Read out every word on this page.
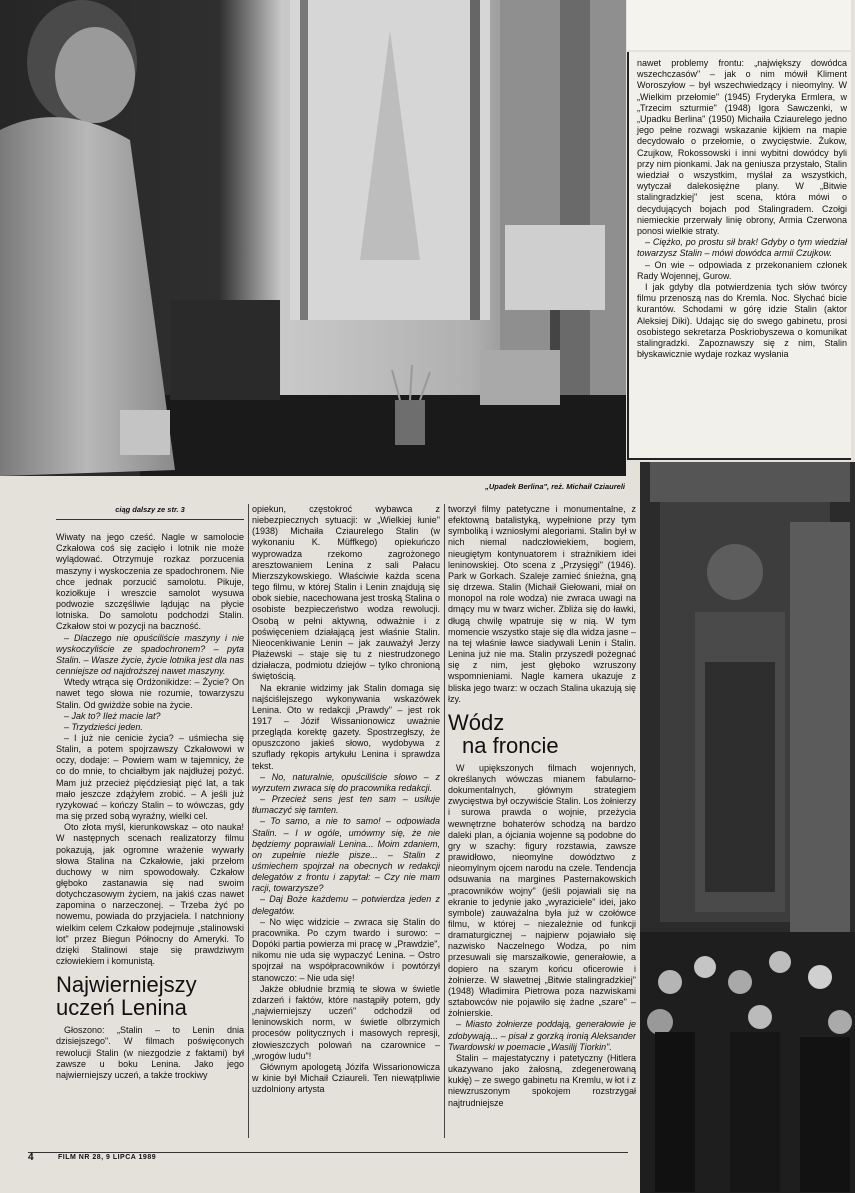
„Upadek Berlina", reż. Michaił Cziaureli

nawet problemy frontu: „największy dowódca wszechczasów" – jak o nim mówił Kliment Woroszyłow – był wszechwiedzący i nieomylny. W „Wielkim przełomie" (1945) Fryderyka Ermlera, w „Trzecim szturmie" (1948) Igora Sawczenki, w „Upadku Berlina" (1950) Michaiła Cziaurelego jedno jego pełne rozwagi wskazanie kijkiem na mapie decydowało o przełomie, o zwycięstwie. Żukow, Czujkow, Rokossowski i inni wybitni dowódcy byli przy nim pionkami. Jak na geniusza przystało, Stalin wiedział o wszystkim, myślał za wszystkich, wytyczał dalekosiężne plany. W „Bitwie stalingradzkiej" jest scena, która mówi o decydujących bojach pod Stalingradem. Czołgi niemieckie przerwały linię obrony, Armia Czerwona ponosi wielkie straty.

– Ciężko, po prostu sił brak! Gdyby o tym wiedział towarzysz Stalin – mówi dowódca armii Czujkow.

– On wie – odpowiada z przekonaniem członek Rady Wojennej, Gurow.

I jak gdyby dla potwierdzenia tych słów twórcy filmu przenoszą nas do Kremla. Noc. Słychać bicie kurantów. Schodami w górę idzie Stalin (aktor Aleksiej Diki). Udając się do swego gabinetu, prosi osobistego sekretarza Poskriobyszewa o komunikat stalingradzki. Zapoznawszy się z nim, Stalin błyskawicznie wydaje rozkaz wysłania

ciąg dalszy ze str. 3

Wiwaty na jego cześć. Nagle w samolocie Czkałowa coś się zacięło i lotnik nie może wylądować. Otrzymuje rozkaz porzucenia maszyny i wyskoczenia ze spadochronem. Nie chce jednak porzucić samolotu. Pikuje, koziołkuje i wreszcie samolot wysuwa podwozie szczęśliwie lądując na płycie lotniska. Do samolotu podchodzi Stalin. Czkałow stoi w pozycji na baczność.

– Dlaczego nie opuściliście maszyny i nie wyskoczyliście ze spadochronem? – pyta Stalin. – Wasze życie, życie lotnika jest dla nas cenniejsze od najdroższej nawet maszyny.

Wtedy wtrąca się Ordżonikidze: – Życie? On nawet tego słowa nie rozumie, towarzyszu Stalin. Od gwiżdże sobie na życie.

– Jak to? Ileż macie lat?

– Trzydzieści jeden.

– I już nie cenicie życia? – uśmiecha się Stalin, a potem spojrzawszy Czkałowowi w oczy, dodaje: – Powiem wam w tajemnicy, że co do mnie, to chciałbym jak najdłużej pożyć. Mam już przecież pięćdziesiąt pięć lat, a tak mało jeszcze zdążyłem zrobić. – A jeśli już ryzykować – kończy Stalin – to wówczas, gdy ma się przed sobą wyraźny, wielki cel.

Oto złota myśl, kierunkowskaz – oto nauka! W następnych scenach realizatorzy filmu pokazują, jak ogromne wrażenie wywarły słowa Stalina na Czkałowie, jaki przełom duchowy w nim spowodowały. Czkałow głęboko zastanawia się nad swoim dotychczasowym życiem, na jakiś czas nawet zapomina o narzeczonej. – Trzeba żyć po nowemu, powiada do przyjaciela. I natchniony wielkim celem Czkałow podejmuje „stalinowski lot" przez Biegun Północny do Ameryki. To dzięki Stalinowi staje się prawdziwym człowiekiem i komunistą.

Najwierniejszy
uczeń Lenina

Głoszono: „Stalin – to Lenin dnia dzisiejszego". W filmach poświęconych rewolucji Stalin (w niezgodzie z faktami) był zawsze u boku Lenina. Jako jego najwierniejszy uczeń, a także trockiwy

opiekun, częstokroć wybawca z niebezpiecznych sytuacji: w „Wielkiej łunie" (1938) Michaiła Cziaurelego Stalin (w wykonaniu K. Müffkego) opiekuńczo wyprowadza rzekomo zagrożonego aresztowaniem Lenina z sali Pałacu Mierzszykowskiego. Właściwie każda scena tego filmu, w której Stalin i Lenin znajdują się obok siebie, nacechowana jest troską Stalina o osobiste bezpieczeństwo wodza rewolucji. Osobą w pełni aktywną, odważnie i z poświęceniem działającą jest właśnie Stalin. Nieocenkiwanie Lenin – jak zauważył Jerzy Płażewski – staje się tu z niestrudzonego działacza, podmiotu dziejów – tylko chronioną świętością.

Na ekranie widzimy jak Stalin domaga się najściślejszego wykonywania wskazówek Lenina. Oto w redakcji „Prawdy" – jest rok 1917 – Józif Wissanionowicz uważnie przegląda korektę gazety. Spostrzegłszy, że opuszczono jakieś słowo, wydobywa z szuflady rękopis artykułu Lenina i sprawdza tekst.

– No, naturalnie, opuściliście słowo – z wyrzutem zwraca się do pracownika redakcji.

– Przecież sens jest ten sam – usiłuje tłumaczyć się tamten.

– To samo, a nie to samo! – odpowiada Stalin. – I w ogóle, umówmy się, że nie będziemy poprawiali Lenina... Moim zdaniem, on zupełnie nieźle pisze... – Stalin z uśmiechem spojrzał na obecnych w redakcji delegatów z frontu i zapytał: – Czy nie mam racji, towarzysze?

– Daj Boże każdemu – potwierdza jeden z delegatów.

– No więc widzicie – zwraca się Stalin do pracownika. Po czym twardo i surowo: – Dopóki partia powierza mi pracę w „Prawdzie", nikomu nie uda się wypaczyć Lenina. – Ostro spojrzał na współpracowników i powtórzył stanowczo: – Nie uda się!

Jakże obłudnie brzmią te słowa w świetle zdarzeń i faktów, które nastąpiły potem, gdy „najwierniejszy uczeń" odchodził od leninowskich norm, w świetle olbrzymich procesów politycznych i masowych represji, złowieszczych polowań na czarownice – „wrogów ludu"!

Głównym apologetą Józifa Wissarionowicza w kinie był Michaił Cziaureli. Ten niewątpliwie uzdolniony artysta

tworzył filmy patetyczne i monumentalne, z efektowną batalistyką, wypełnione przy tym symboliką i wzniosłymi alegoriami. Stalin był w nich niemal nadczłowiekiem, bogiem, nieugiętym kontynuatorem i strażnikiem idei leninowskiej. Oto scena z „Przysięgi" (1946). Park w Gorkach. Szaleje zamieć śnieżna, gną się drzewa. Stalin (Michaił Giełowani, miał on monopol na role wodza) nie zwraca uwagi na dmący mu w twarz wicher. Zbliża się do ławki, długą chwilę wpatruje się w nią. W tym momencie wszystko staje się dla widza jasne – na tej właśnie ławce siadywali Lenin i Stalin. Lenina już nie ma. Stalin przyszedł pożegnać się z nim, jest głęboko wzruszony wspomnieniami. Nagle kamera ukazuje z bliska jego twarz: w oczach Stalina ukazują się łzy.

Wódz
na froncie

W upiększonych filmach wojennych, określanych wówczas mianem fabularno-dokumentalnych, głównym strategiem zwycięstwa był oczywiście Stalin. Los żołnierzy i surowa prawda o wojnie, przeżycia wewnętrzne bohaterów schodzą na bardzo daleki plan, a ójciania wojenne są podobne do gry w szachy: figury rozstawia, zawsze prawidłowo, nieomylne dowództwo z nieomylnym ojcem narodu na czele. Tendencja odsuwania na margines Pasternakowskich „pracowników wojny" (jeśli pojawiali się na ekranie to jedynie jako „wyraziciele" idei, jako symbole) zauważalna była już w czołówce filmu, w której – niezależnie od funkcji dramaturgicznej – najpierw pojawiało się nazwisko Naczelnego Wodza, po nim przesuwali się marszałkowie, generałowie, a dopiero na szarym końcu oficerowie i żołnierze. W sławetnej „Bitwie stalingradzkiej" (1948) Władimira Pietrowa poza nazwiskami sztabowców nie pojawiło się żadne „szare" – żołnierskie.

– Miasto żołnierze poddają, generałowie je zdobywają... – pisał z gorzką ironią Aleksander Twardowski w poemacie „Wasilij Tiorkin".

Stalin – majestatyczny i patetyczny (Hitlera ukazywano jako żałosną, zdegenerowaną kukłę) – ze swego gabinetu na Kremlu, w łot i z niewzruszonym spokojem rozstrzygał najtrudniejsze

4	FILM NR 28, 9 LIPCA 1989
